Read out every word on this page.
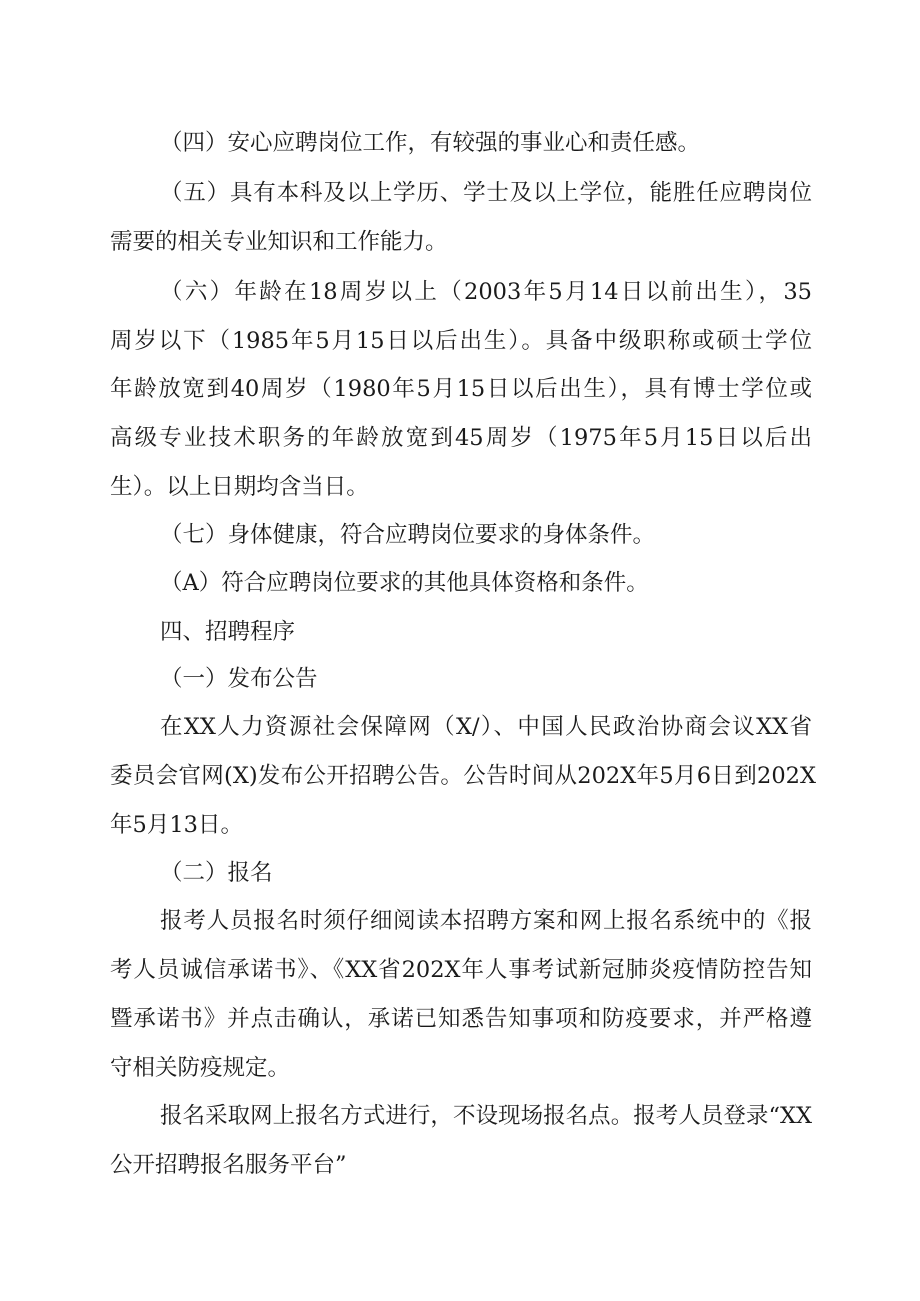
（四）安心应聘岗位工作，有较强的事业心和责任感。
（五）具有本科及以上学历、学士及以上学位，能胜任应聘岗位
需要的相关专业知识和工作能力。
（六）年龄在18周岁以上（2003年5月14日以前出生），35
周岁以下（1985年5月15日以后出生）。具备中级职称或硕士学位
年龄放宽到40周岁（1980年5月15日以后出生），具有博士学位或
高级专业技术职务的年龄放宽到45周岁（1975年5月15日以后出
生）。以上日期均含当日。
（七）身体健康，符合应聘岗位要求的身体条件。
（A）符合应聘岗位要求的其他具体资格和条件。
四、招聘程序
（一）发布公告
在XX人力资源社会保障网（X/）、中国人民政治协商会议XX省
委员会官网(X)发布公开招聘公告。公告时间从202X年5月6日到202X
年5月13日。
（二）报名
报考人员报名时须仔细阅读本招聘方案和网上报名系统中的《报
考人员诚信承诺书》、《XX省202X年人事考试新冠肺炎疫情防控告知
暨承诺书》并点击确认，承诺已知悉告知事项和防疫要求，并严格遵
守相关防疫规定。
报名采取网上报名方式进行，不设现场报名点。报考人员登录“XX
公开招聘报名服务平台”
